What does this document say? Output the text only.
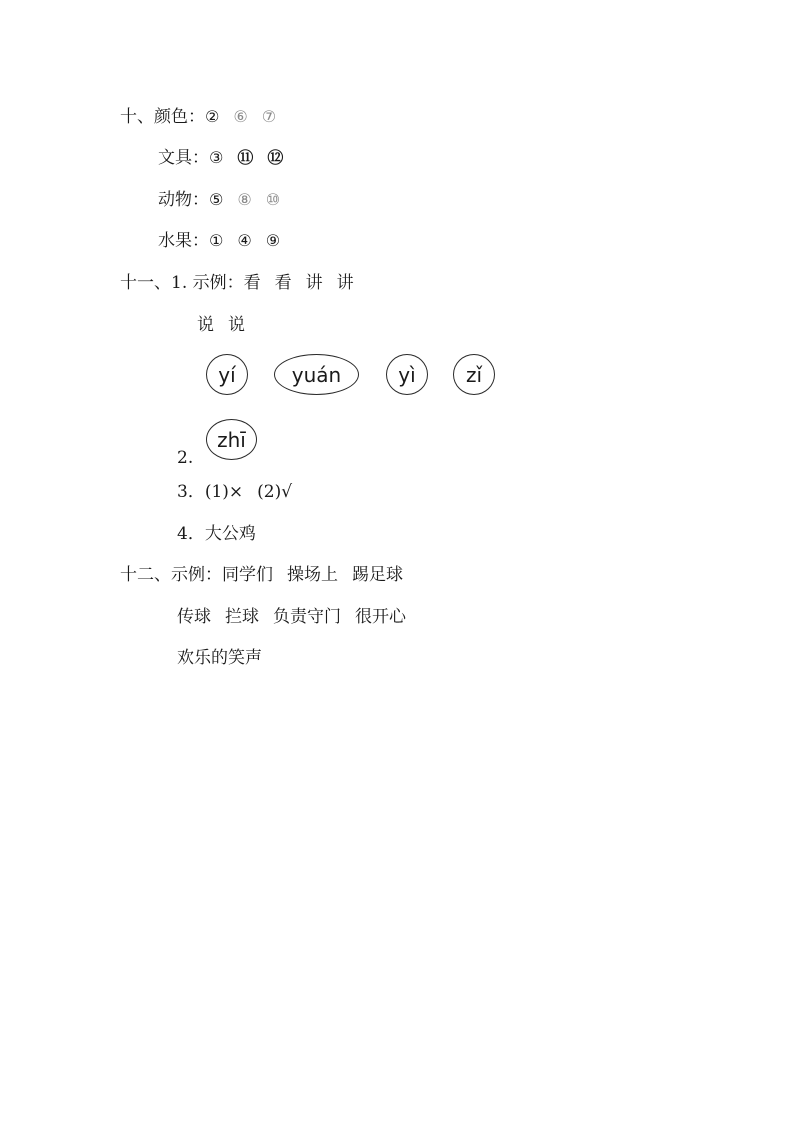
十、颜色：② ⑥ ⑦
文具：③ ⑪ ⑫
动物：⑤ ⑧ ⑩
水果：① ④ ⑨
十一、1. 示例：看 看 讲 讲
说 说
yí	yuán	yì	zǐ
zhī
2.
3．(1)× (2)√
4．大公鸡
十二、示例：同学们 操场上 踢足球
传球 拦球 负责守门 很开心
欢乐的笑声
